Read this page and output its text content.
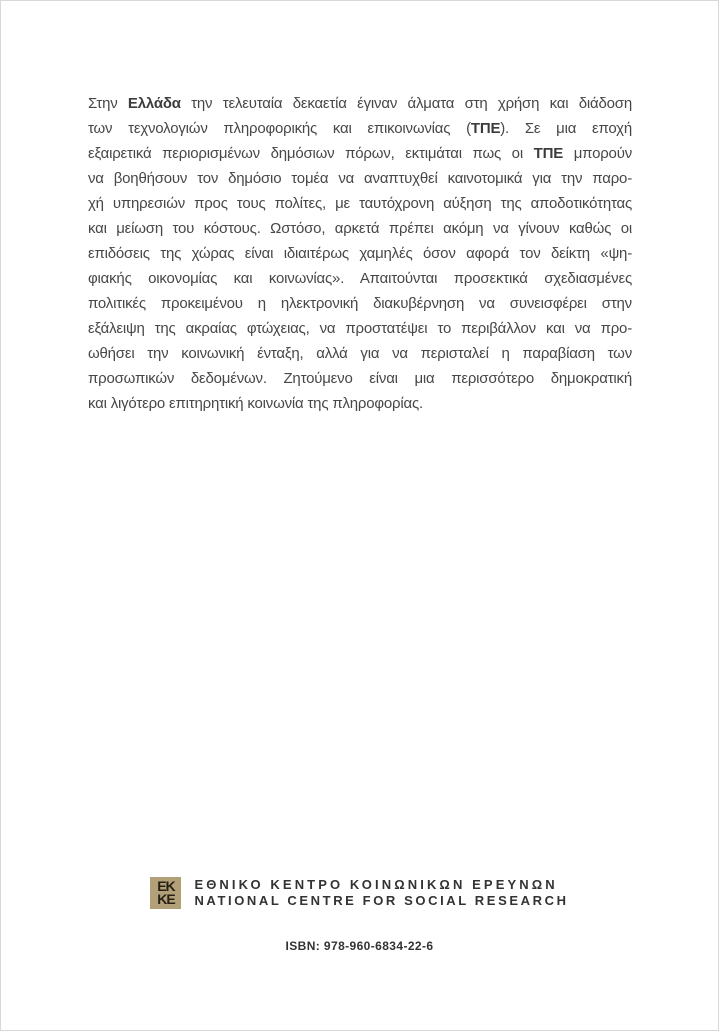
Στην Ελλάδα την τελευταία δεκαετία έγιναν άλματα στη χρήση και διάδοση
των τεχνολογιών πληροφορικής και επικοινωνίας (ΤΠΕ). Σε μια εποχή
εξαιρετικά περιορισμένων δημόσιων πόρων, εκτιμάται πως οι ΤΠΕ μπορούν
να βοηθήσουν τον δημόσιο τομέα να αναπτυχθεί καινοτομικά για την παρο-
χή υπηρεσιών προς τους πολίτες, με ταυτόχρονη αύξηση της αποδοτικότητας
και μείωση του κόστους. Ωστόσο, αρκετά πρέπει ακόμη να γίνουν καθώς οι
επιδόσεις της χώρας είναι ιδιαιτέρως χαμηλές όσον αφορά τον δείκτη «ψη-
φιακής οικονομίας και κοινωνίας». Απαιτούνται προσεκτικά σχεδιασμένες
πολιτικές προκειμένου η ηλεκτρονική διακυβέρνηση να συνεισφέρει στην
εξάλειψη της ακραίας φτώχειας, να προστατέψει το περιβάλλον και να προ-
ωθήσει την κοινωνική ένταξη, αλλά για να περισταλεί η παραβίαση των
προσωπικών δεδομένων. Ζητούμενο είναι μια περισσότερο δημοκρατική
και λιγότερο επιτηρητική κοινωνία της πληροφορίας.
ΕΚ
ΚΕ
ΕΘΝΙΚΟ ΚΕΝΤΡΟ ΚΟΙΝΩΝΙΚΩΝ ΕΡΕΥΝΩΝ
NATIONAL CENTRE FOR SOCIAL RESEARCH
ISBN: 978-960-6834-22-6
